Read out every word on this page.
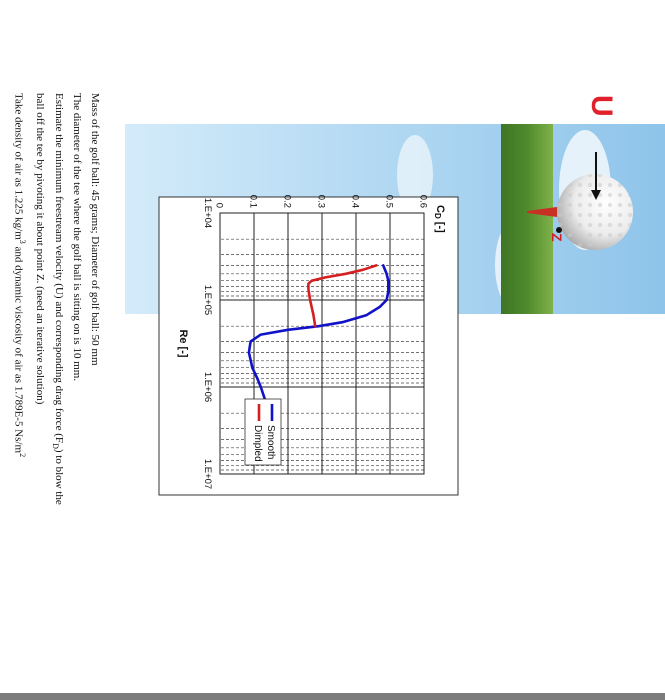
Z
U
1.E+04
1.E+05
1.E+06
1.E+07
0 0.1 0.2 0.3 0.4 0.5 0.6
CD [-]
Re [-]
Smooth
Dimpled

Mass of the golf ball: 45 grams; Diameter of golf ball: 50 mm

The diameter of the tee where the golf ball is sitting on is 10 mm.

Estimate the minimum freestream velocity (U) and corresponding drag force $(F_D)$ to blow the ball off the tee by pivoting it about point Z. (need an iterative solution)

Take density of air as 1.225 $kg/m^3$ and dynamic viscosity of air as 1.789E-5 $Ns/m^2$
